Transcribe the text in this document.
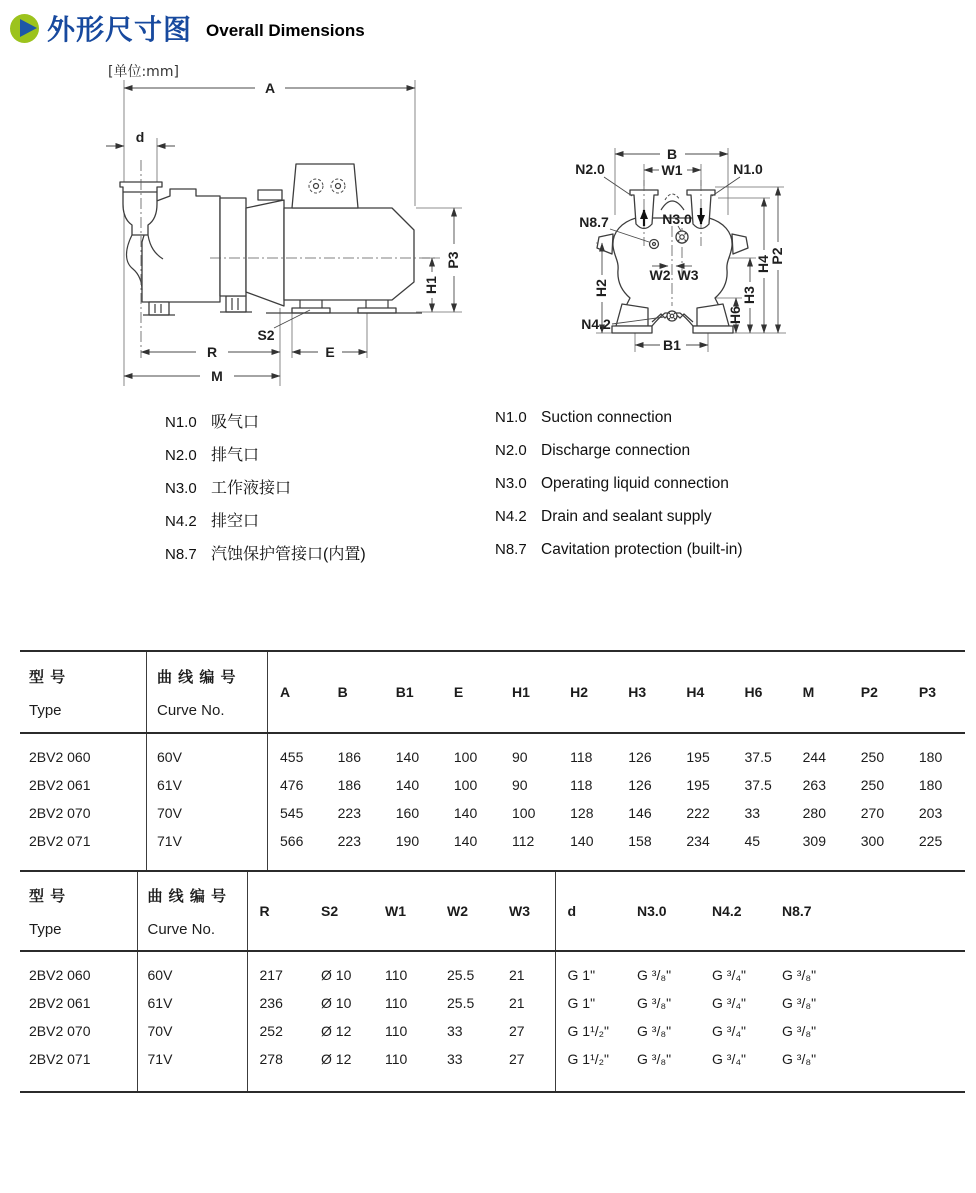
外形尺寸图 Overall Dimensions
[单位:mm]
A
d
P3
H1
S2
R	E
M
B
W1
N2.0	N1.0
N3.0
N8.7
H2
W2 W3
H6
H3
H4
P2
N4.2
B1
N1.0 吸气口
N2.0 排气口
N3.0 工作液接口
N4.2 排空口
N8.7 汽蚀保护管接口(内置)
N1.0 Suction connection
N2.0 Discharge connection
N3.0 Operating liquid connection
N4.2 Drain and sealant supply
N8.7 Cavitation protection (built-in)
型 号
Type	曲 线 编 号
Curve No.	A	B	B1	E	H1	H2	H3	H4	H6	M	P2	P3
2BV2 060	60V	455	186	140	100	90	118	126	195	37.5	244	250	180
2BV2 061	61V	476	186	140	100	90	118	126	195	37.5	263	250	180
2BV2 070	70V	545	223	160	140	100	128	146	222	33	280	270	203
2BV2 071	71V	566	223	190	140	112	140	158	234	45	309	300	225

型 号
Type	曲 线 编 号
Curve No.	R	S2	W1	W2	W3	d	N3.0	N4.2	N8.7
2BV2 060	60V	217	Ø 10	110	25.5	21	G 1"	G ³/₈"	G ³/₄"	G ³/₈"
2BV2 061	61V	236	Ø 10	110	25.5	21	G 1"	G ³/₈"	G ³/₄"	G ³/₈"
2BV2 070	70V	252	Ø 12	110	33	27	G 1¹/₂"	G ³/₈"	G ³/₄"	G ³/₈"
2BV2 071	71V	278	Ø 12	110	33	27	G 1¹/₂"	G ³/₈"	G ³/₄"	G ³/₈"
